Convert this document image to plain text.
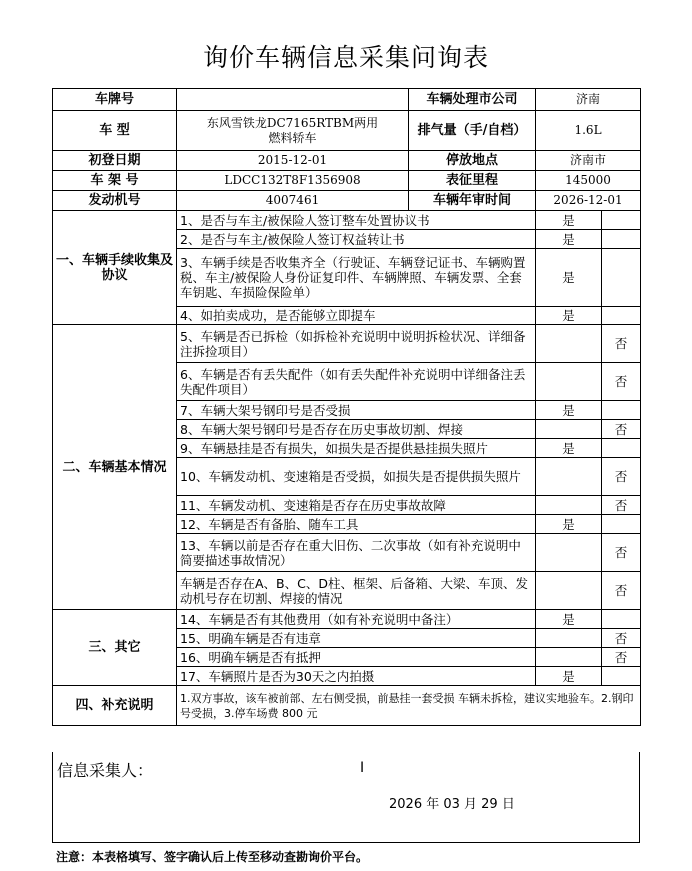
询价车辆信息采集问询表
车牌号		车辆处理市公司	济南	
车 型	东风雪铁龙DC7165RTBM两用燃料轿车	排气量（手/自档）	1.6L	
初登日期	2015-12-01	停放地点	济南市	
车 架 号	LDCC132T8F1356908	表征里程	145000	
发动机号	4007461	车辆年审时间	2026-12-01	
一、车辆手续收集及协议	1、是否与车主/被保险人签订整车处置协议书		是	
	2、是否与车主/被保险人签订权益转让书		是	
	3、车辆手续是否收集齐全（行驶证、车辆登记证书、车辆购置税、车主/被保险人身份证复印件、车辆牌照、车辆发票、全套车钥匙、车损险保险单）		是	
	4、如拍卖成功，是否能够立即提车		是	
二、车辆基本情况	5、车辆是否已拆检（如拆检补充说明中说明拆检状况、详细备注拆捡项目）			否
	6、车辆是否有丢失配件（如有丢失配件补充说明中详细备注丢失配件项目）			否
	7、车辆大架号钢印号是否受损		是	
	8、车辆大架号钢印号是否存在历史事故切割、焊接			否
	9、车辆悬挂是否有损失，如损失是否提供悬挂损失照片		是	
	10、车辆发动机、变速箱是否受损，如损失是否提供损失照片			否
	11、车辆发动机、变速箱是否存在历史事故故障			否
	12、车辆是否有备胎、随车工具		是	
	13、车辆以前是否存在重大旧伤、二次事故（如有补充说明中简要描述事故情况）			否
	车辆是否存在A、B、C、D柱、框架、后备箱、大梁、车顶、发动机号存在切割、焊接的情况			否
三、其它	14、车辆是否有其他费用（如有补充说明中备注）		是	
	15、明确车辆是否有违章			否
	16、明确车辆是否有抵押			否
	17、车辆照片是否为30天之内拍摄		是	
四、补充说明	1.双方事故，该车被前部、左右侧受损，前悬挂一套受损 车辆未拆检，建议实地验车。2.钢印号受损，3.停车场费 800 元			
信息采集人：	I
2026 年 03 月 29 日
注意：本表格填写、签字确认后上传至移动查勘询价平台。
